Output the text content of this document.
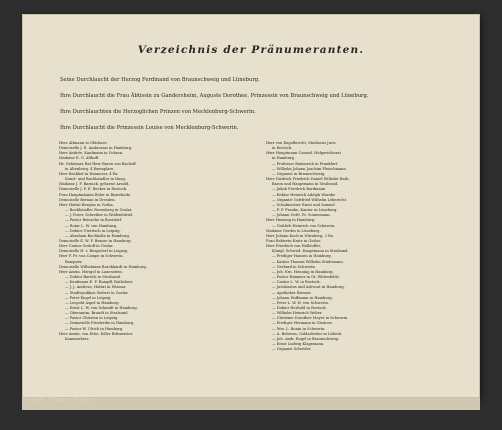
Verzeichnis der Pränumeranten.
Seine Durchlaucht der Herzog Ferdinand von Braunschweig und Lüneburg.
Ihre Durchlaucht die Frau Äbtissin zu Gandersheim, Auguste Dorothee, Prinzessin von Braunschweig und Lüneburg.
Ihre Durchlauchten die Herzoglichen Prinzen von Mecklenburg-Schwerin.
Ihre Durchlaucht die Prinzessin Louise von Mecklenburg-Schwerin.
Herr Altmann in Glücksee.
Demoiselle J. E. Ambrosius in Hamburg.
Herr Andrée, Kaufmann in Ocksen.
Madame E. G. Althoff.
Hr. Geheimer Rat Herr Baron von Bachoff
in Altenburg. 4 Exemplare.
Herr Backhof in Hannover, 4 Ex.
Kunst- und Buchhändler in Haag.
Madame J. F. Barnick, geborne Arnold.
Demoiselle J. F. E. Becker in Rostock.
Frau Hauptmännin Beler in Buxtehude.
Demoiselle Bernan in Dresden.
Herr Hofrat Bergius in Gotha.
— Buchhändler Rosenberg in Goslar.
— J. Poser, Schreiber in Wolfenbüttel.
— Pastor Reinecke in Rossdorf.
— Rotar L. W. von Hamburg.
— Doktor Uteritsch in Leipzig.
— Abraham Buchholtz in Hamburg.
Demoiselle E. W. F. Brause in Hamburg.
Herr Cantor Gerloff in Goslar.
Demoiselle H. v. Burgsdorf in Leipzig.
Herr F. Fr. von Campe in Schwerin.
Banquier.
Demoiselle Wilhelmine Burckhardt in Hamburg.
Herr Amtm. Hörigel in Lauenstein.
— Doktor Bartels in Stralsund.
— Kaufmann E. F. Rumpff, Rathsherr.
— J. J. Andreas, Hofrat in Wismar.
— Stadtsyndikus Siebert in Goslar.
— Peter Engel in Leipzig.
— Leopold Aspel in Hamburg.
— Ernst L. W. von Schmidt in Hamburg.
— Oberamtm. Brandt in Stralsund.
— Pastor Christen in Leipzig.
— Demoiselle Friederike in Hamburg.
— Pastor W. Ulrich in Hamburg.
Herr Amtm. von Erbe, Edler Rittmeister.
Kammerherr.
Herr von Engelbrecht, Studiosus Juris
in Rostock.
Herr Hauptmann Conrad, Hofgerichtsrat
in Hamburg.
— Professor Emmerich in Frankfurt
— Wilhelm Johann Joachim Fleischmann.
— Organist in Braunschweig.
Herr Diedrich Friedrich Daniel Wilhelm Rath,
Baron und Hauptmann in Stralsund.
— Jakob Friedrich Bordmann
— Rektor Heinrich Adolph Warnke
— Organist Gottfried Wilhelm Leberecht
— Schulmeister Ernst und Samuel
— F. F. Franke, Kantor in Lüneburg.
— Johann Gottl. Fr. Sonnemann.
Herr Hensing in Hamburg.
— Gottlieb Heinrich von Schwerin.
Madame Gerdes in Lüneburg.
Herr Johann Koch in Nürnberg. 2 Ex.
Frau Rektorin Kratz in Goslar.
Herr Friedrich von Holleuffer,
Königl. Schwed. Hauptmann in Stralsund.
— Prediger Hansen in Hamburg.
— Kantor Thomas Wilhelm Stüdemann.
— Gerhard in Schwerin.
— Joh. Ern. Henning in Hamburg.
— Pastor Hammer in Gr. Wittenfelde.
— Cantor L. W. in Rostock.
— Justitiarius und Advocat in Hamburg.
— Apotheker Bremer.
— Johann Hoffmann in Hamburg.
— Peter L. W. H. von Schwerin.
— Doktor Herbold in Rostock.
— Wilhelm Heinrich Weber.
— Christine Dorothee Meyer in Schwerin.
— Prediger Hermann in Güstrow.
— Wm. L. Bonin in Schwerin.
— A. Behrens, Goldarbeiter in Lübeck.
— Joh. Andr. Engel in Braunschweig.
— Ernst Ludwig Klagemann.
— Organist Schröder.
Gottl. Fricke u. Haller.
